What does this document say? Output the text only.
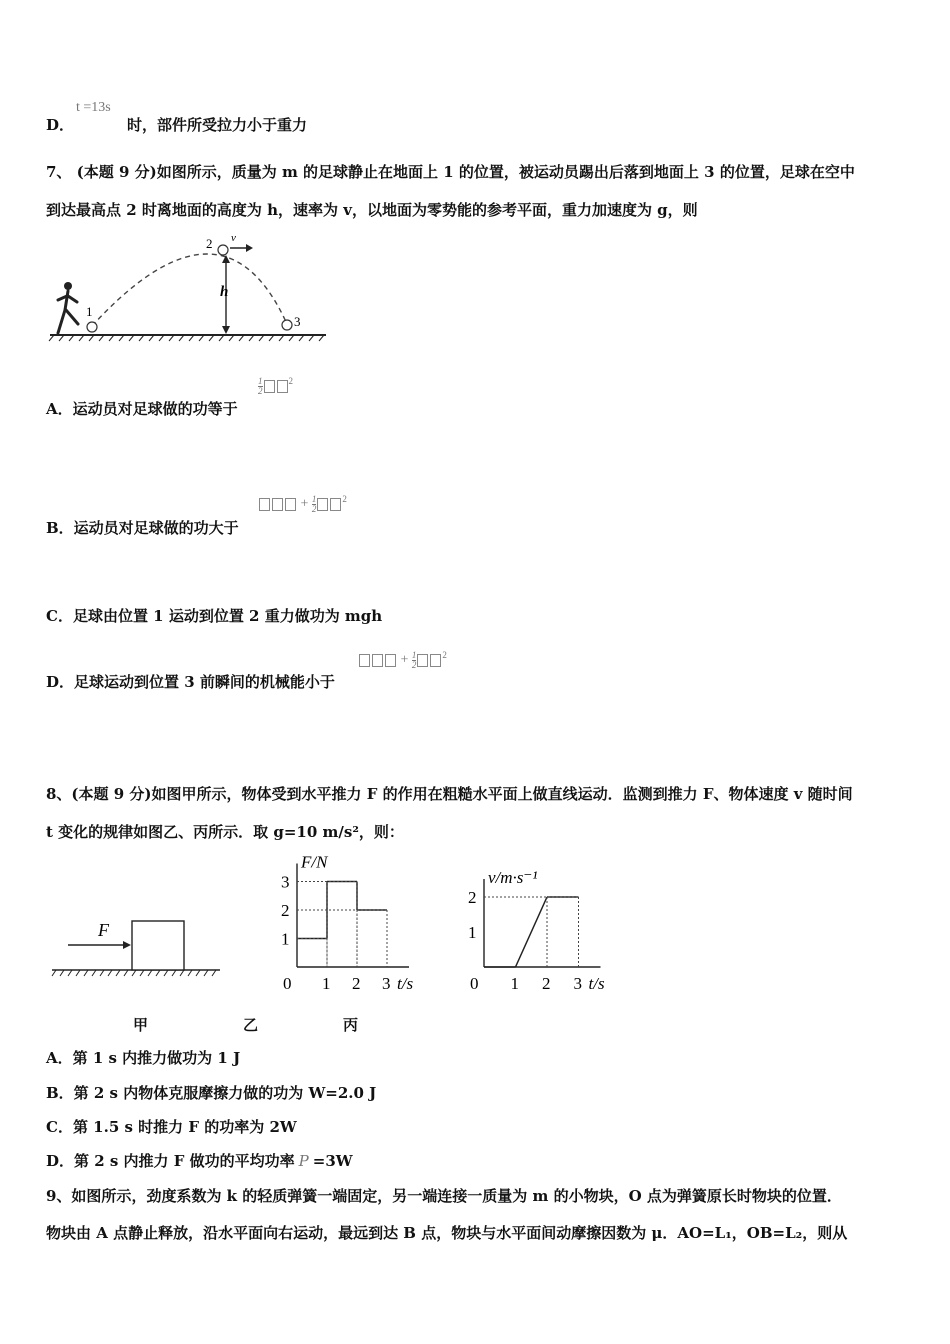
D．
t =13s
时，部件所受拉力小于重力
7、 (本题 9 分)如图所示，质量为 m 的足球静止在地面上 1 的位置，被运动员踢出后落到地面上 3 的位置，足球在空中
到达最高点 2 时离地面的高度为 h，速率为 v，以地面为零势能的参考平面，重力加速度为 g，则
1
2
3
v
h
$\frac{1}{2}$	$^2$
A．运动员对足球做的功等于
+ $\frac{1}{2}$	$^2$
B．运动员对足球做的功大于
C．足球由位置 1 运动到位置 2 重力做功为 mgh
+ $\frac{1}{2}$	$^2$
D．足球运动到位置 3 前瞬间的机械能小于
8、(本题 9 分)如图甲所示，物体受到水平推力 F 的作用在粗糙水平面上做直线运动．监测到推力 F、物体速度 v 随时间
t 变化的规律如图乙、丙所示．取 g=10 m/s²，则：
F
0 1 2 3
1
2
3
t/s
F/N
0 1 2 3
1
2
t/s
v/m·s⁻¹
甲	乙	丙
A．第 1 s 内推力做功为 1 J
B．第 2 s 内物体克服摩擦力做的功为 W=2.0 J
C．第 1.5 s 时推力 F 的功率为 2W
D．第 2 s 内推力 F 做功的平均功率 P =3W
9、如图所示，劲度系数为 k 的轻质弹簧一端固定，另一端连接一质量为 m 的小物块，O 点为弹簧原长时物块的位置．
物块由 A 点静止释放，沿水平面向右运动，最远到达 B 点，物块与水平面间动摩擦因数为 μ．AO=L₁，OB=L₂，则从
